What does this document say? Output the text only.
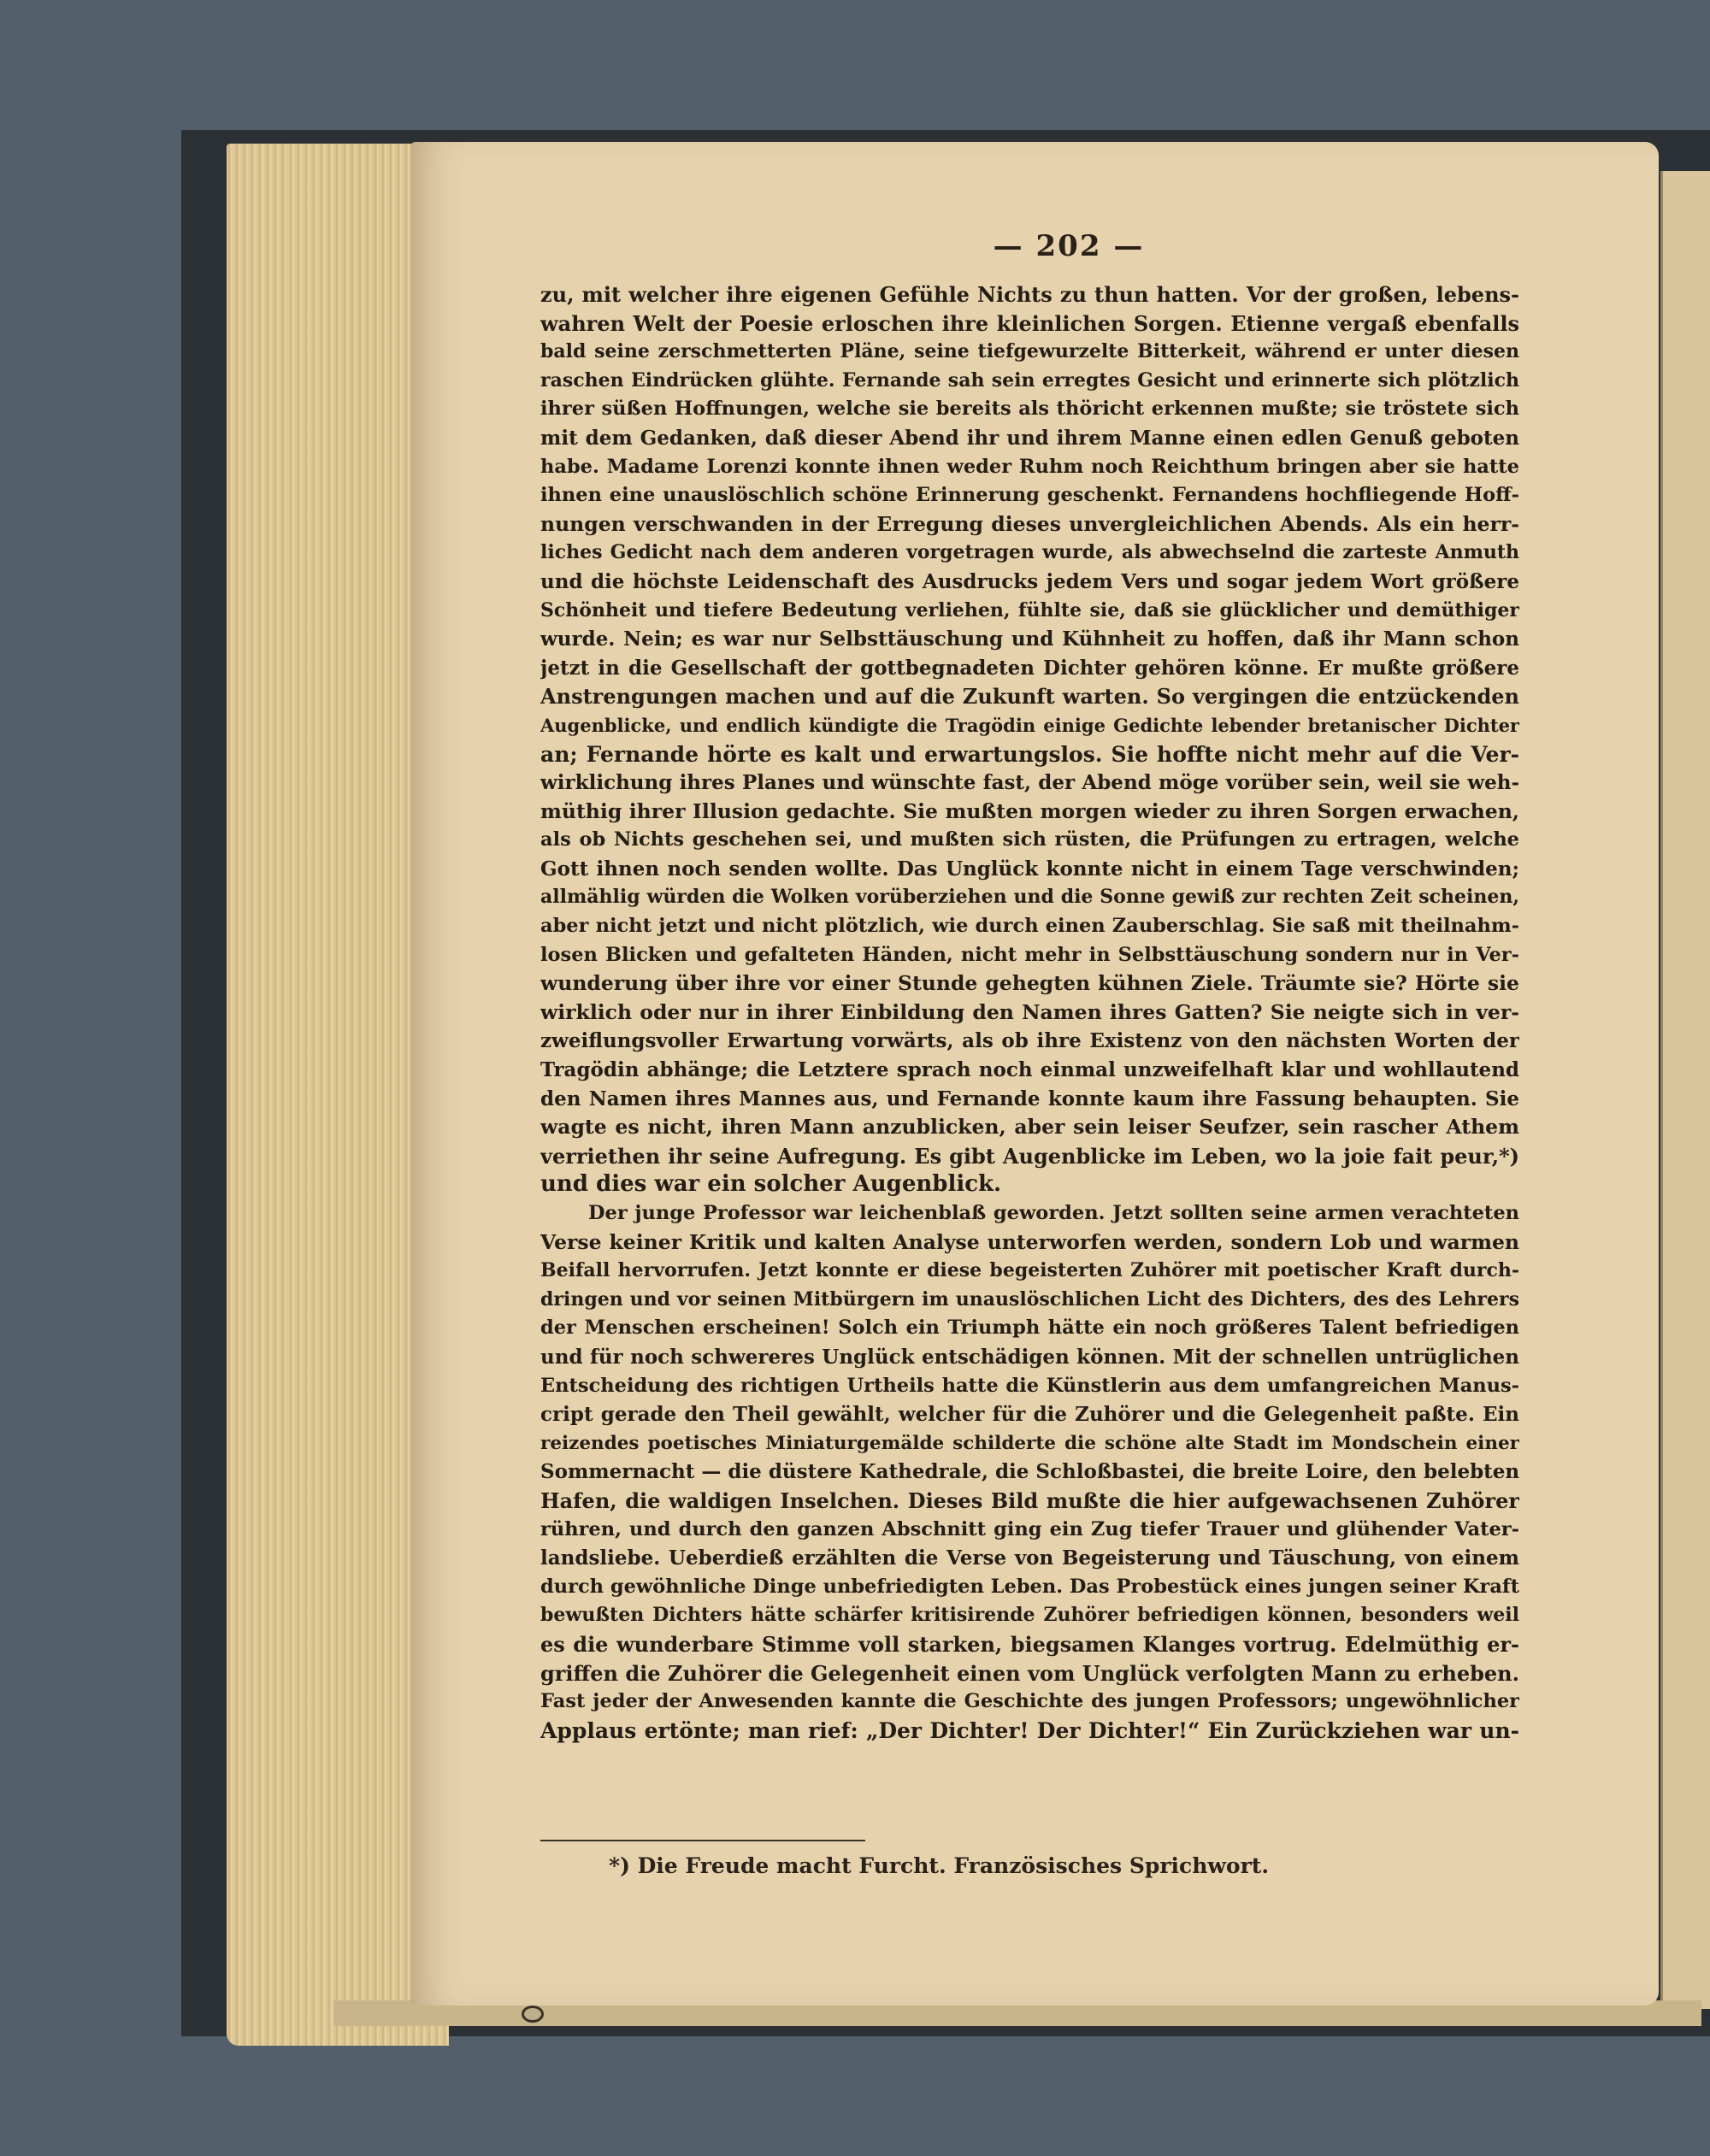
— 202 —
zu, mit welcher ihre eigenen Gefühle Nichts zu thun hatten. Vor der großen, lebens-
wahren Welt der Poesie erloschen ihre kleinlichen Sorgen. Etienne vergaß ebenfalls
bald seine zerschmetterten Pläne, seine tiefgewurzelte Bitterkeit, während er unter diesen
raschen Eindrücken glühte. Fernande sah sein erregtes Gesicht und erinnerte sich plötzlich
ihrer süßen Hoffnungen, welche sie bereits als thöricht erkennen mußte; sie tröstete sich
mit dem Gedanken, daß dieser Abend ihr und ihrem Manne einen edlen Genuß geboten
habe. Madame Lorenzi konnte ihnen weder Ruhm noch Reichthum bringen aber sie hatte
ihnen eine unauslöschlich schöne Erinnerung geschenkt. Fernandens hochfliegende Hoff-
nungen verschwanden in der Erregung dieses unvergleichlichen Abends. Als ein herr-
liches Gedicht nach dem anderen vorgetragen wurde, als abwechselnd die zarteste Anmuth
und die höchste Leidenschaft des Ausdrucks jedem Vers und sogar jedem Wort größere
Schönheit und tiefere Bedeutung verliehen, fühlte sie, daß sie glücklicher und demüthiger
wurde. Nein; es war nur Selbsttäuschung und Kühnheit zu hoffen, daß ihr Mann schon
jetzt in die Gesellschaft der gottbegnadeten Dichter gehören könne. Er mußte größere
Anstrengungen machen und auf die Zukunft warten. So vergingen die entzückenden
Augenblicke, und endlich kündigte die Tragödin einige Gedichte lebender bretanischer Dichter
an; Fernande hörte es kalt und erwartungslos. Sie hoffte nicht mehr auf die Ver-
wirklichung ihres Planes und wünschte fast, der Abend möge vorüber sein, weil sie weh-
müthig ihrer Illusion gedachte. Sie mußten morgen wieder zu ihren Sorgen erwachen,
als ob Nichts geschehen sei, und mußten sich rüsten, die Prüfungen zu ertragen, welche
Gott ihnen noch senden wollte. Das Unglück konnte nicht in einem Tage verschwinden;
allmählig würden die Wolken vorüberziehen und die Sonne gewiß zur rechten Zeit scheinen,
aber nicht jetzt und nicht plötzlich, wie durch einen Zauberschlag. Sie saß mit theilnahm-
losen Blicken und gefalteten Händen, nicht mehr in Selbsttäuschung sondern nur in Ver-
wunderung über ihre vor einer Stunde gehegten kühnen Ziele. Träumte sie? Hörte sie
wirklich oder nur in ihrer Einbildung den Namen ihres Gatten? Sie neigte sich in ver-
zweiflungsvoller Erwartung vorwärts, als ob ihre Existenz von den nächsten Worten der
Tragödin abhänge; die Letztere sprach noch einmal unzweifelhaft klar und wohllautend
den Namen ihres Mannes aus, und Fernande konnte kaum ihre Fassung behaupten. Sie
wagte es nicht, ihren Mann anzublicken, aber sein leiser Seufzer, sein rascher Athem
verriethen ihr seine Aufregung. Es gibt Augenblicke im Leben, wo la joie fait peur,*)
und dies war ein solcher Augenblick.
Der junge Professor war leichenblaß geworden. Jetzt sollten seine armen verachteten
Verse keiner Kritik und kalten Analyse unterworfen werden, sondern Lob und warmen
Beifall hervorrufen. Jetzt konnte er diese begeisterten Zuhörer mit poetischer Kraft durch-
dringen und vor seinen Mitbürgern im unauslöschlichen Licht des Dichters, des des Lehrers
der Menschen erscheinen! Solch ein Triumph hätte ein noch größeres Talent befriedigen
und für noch schwereres Unglück entschädigen können. Mit der schnellen untrüglichen
Entscheidung des richtigen Urtheils hatte die Künstlerin aus dem umfangreichen Manus-
cript gerade den Theil gewählt, welcher für die Zuhörer und die Gelegenheit paßte. Ein
reizendes poetisches Miniaturgemälde schilderte die schöne alte Stadt im Mondschein einer
Sommernacht — die düstere Kathedrale, die Schloßbastei, die breite Loire, den belebten
Hafen, die waldigen Inselchen. Dieses Bild mußte die hier aufgewachsenen Zuhörer
rühren, und durch den ganzen Abschnitt ging ein Zug tiefer Trauer und glühender Vater-
landsliebe. Ueberdieß erzählten die Verse von Begeisterung und Täuschung, von einem
durch gewöhnliche Dinge unbefriedigten Leben. Das Probestück eines jungen seiner Kraft
bewußten Dichters hätte schärfer kritisirende Zuhörer befriedigen können, besonders weil
es die wunderbare Stimme voll starken, biegsamen Klanges vortrug. Edelmüthig er-
griffen die Zuhörer die Gelegenheit einen vom Unglück verfolgten Mann zu erheben.
Fast jeder der Anwesenden kannte die Geschichte des jungen Professors; ungewöhnlicher
Applaus ertönte; man rief: „Der Dichter! Der Dichter!“ Ein Zurückziehen war un-
*) Die Freude macht Furcht. Französisches Sprichwort.
